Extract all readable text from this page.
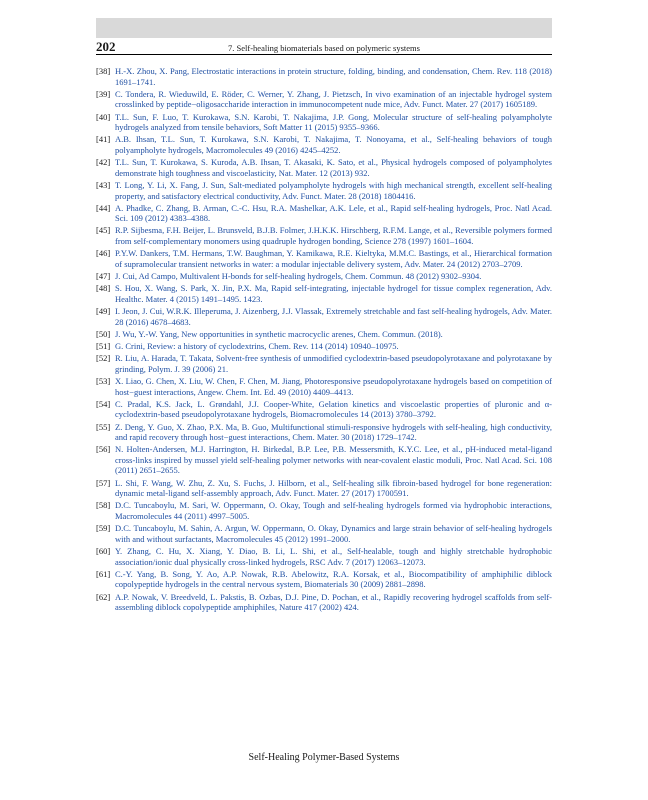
202	7. Self-healing biomaterials based on polymeric systems
[38] H.-X. Zhou, X. Pang, Electrostatic interactions in protein structure, folding, binding, and condensation, Chem. Rev. 118 (2018) 1691–1741.
[39] C. Tondera, R. Wieduwild, E. Röder, C. Werner, Y. Zhang, J. Pietzsch, In vivo examination of an injectable hydrogel system crosslinked by peptide−oligosaccharide interaction in immunocompetent nude mice, Adv. Funct. Mater. 27 (2017) 1605189.
[40] T.L. Sun, F. Luo, T. Kurokawa, S.N. Karobi, T. Nakajima, J.P. Gong, Molecular structure of self-healing polyampholyte hydrogels analyzed from tensile behaviors, Soft Matter 11 (2015) 9355–9366.
[41] A.B. Ihsan, T.L. Sun, T. Kurokawa, S.N. Karobi, T. Nakajima, T. Nonoyama, et al., Self-healing behaviors of tough polyampholyte hydrogels, Macromolecules 49 (2016) 4245–4252.
[42] T.L. Sun, T. Kurokawa, S. Kuroda, A.B. Ihsan, T. Akasaki, K. Sato, et al., Physical hydrogels composed of polyampholytes demonstrate high toughness and viscoelasticity, Nat. Mater. 12 (2013) 932.
[43] T. Long, Y. Li, X. Fang, J. Sun, Salt-mediated polyampholyte hydrogels with high mechanical strength, excellent self-healing property, and satisfactory electrical conductivity, Adv. Funct. Mater. 28 (2018) 1804416.
[44] A. Phadke, C. Zhang, B. Arman, C.-C. Hsu, R.A. Mashelkar, A.K. Lele, et al., Rapid self-healing hydrogels, Proc. Natl Acad. Sci. 109 (2012) 4383–4388.
[45] R.P. Sijbesma, F.H. Beijer, L. Brunsveld, B.J.B. Folmer, J.H.K.K. Hirschberg, R.F.M. Lange, et al., Reversible polymers formed from self-complementary monomers using quadruple hydrogen bonding, Science 278 (1997) 1601–1604.
[46] P.Y.W. Dankers, T.M. Hermans, T.W. Baughman, Y. Kamikawa, R.E. Kieltyka, M.M.C. Bastings, et al., Hierarchical formation of supramolecular transient networks in water: a modular injectable delivery system, Adv. Mater. 24 (2012) 2703–2709.
[47] J. Cui, Ad Campo, Multivalent H-bonds for self-healing hydrogels, Chem. Commun. 48 (2012) 9302–9304.
[48] S. Hou, X. Wang, S. Park, X. Jin, P.X. Ma, Rapid self-integrating, injectable hydrogel for tissue complex regeneration, Adv. Healthc. Mater. 4 (2015) 1491–1495. 1423.
[49] I. Jeon, J. Cui, W.R.K. Illeperuma, J. Aizenberg, J.J. Vlassak, Extremely stretchable and fast self-healing hydrogels, Adv. Mater. 28 (2016) 4678–4683.
[50] J. Wu, Y.-W. Yang, New opportunities in synthetic macrocyclic arenes, Chem. Commun. (2018).
[51] G. Crini, Review: a history of cyclodextrins, Chem. Rev. 114 (2014) 10940–10975.
[52] R. Liu, A. Harada, T. Takata, Solvent-free synthesis of unmodified cyclodextrin-based pseudopolyrotaxane and polyrotaxane by grinding, Polym. J. 39 (2006) 21.
[53] X. Liao, G. Chen, X. Liu, W. Chen, F. Chen, M. Jiang, Photoresponsive pseudopolyrotaxane hydrogels based on competition of host−guest interactions, Angew. Chem. Int. Ed. 49 (2010) 4409–4413.
[54] C. Pradal, K.S. Jack, L. Grøndahl, J.J. Cooper-White, Gelation kinetics and viscoelastic properties of pluronic and α-cyclodextrin-based pseudopolyrotaxane hydrogels, Biomacromolecules 14 (2013) 3780–3792.
[55] Z. Deng, Y. Guo, X. Zhao, P.X. Ma, B. Guo, Multifunctional stimuli-responsive hydrogels with self-healing, high conductivity, and rapid recovery through host−guest interactions, Chem. Mater. 30 (2018) 1729–1742.
[56] N. Holten-Andersen, M.J. Harrington, H. Birkedal, B.P. Lee, P.B. Messersmith, K.Y.C. Lee, et al., pH-induced metal-ligand cross-links inspired by mussel yield self-healing polymer networks with near-covalent elastic moduli, Proc. Natl Acad. Sci. 108 (2011) 2651–2655.
[57] L. Shi, F. Wang, W. Zhu, Z. Xu, S. Fuchs, J. Hilborn, et al., Self-healing silk fibroin-based hydrogel for bone regeneration: dynamic metal-ligand self-assembly approach, Adv. Funct. Mater. 27 (2017) 1700591.
[58] D.C. Tuncaboylu, M. Sari, W. Oppermann, O. Okay, Tough and self-healing hydrogels formed via hydrophobic interactions, Macromolecules 44 (2011) 4997–5005.
[59] D.C. Tuncaboylu, M. Sahin, A. Argun, W. Oppermann, O. Okay, Dynamics and large strain behavior of self-healing hydrogels with and without surfactants, Macromolecules 45 (2012) 1991–2000.
[60] Y. Zhang, C. Hu, X. Xiang, Y. Diao, B. Li, L. Shi, et al., Self-healable, tough and highly stretchable hydrophobic association/ionic dual physically cross-linked hydrogels, RSC Adv. 7 (2017) 12063–12073.
[61] C.-Y. Yang, B. Song, Y. Ao, A.P. Nowak, R.B. Abelowitz, R.A. Korsak, et al., Biocompatibility of amphiphilic diblock copolypeptide hydrogels in the central nervous system, Biomaterials 30 (2009) 2881–2898.
[62] A.P. Nowak, V. Breedveld, L. Pakstis, B. Ozbas, D.J. Pine, D. Pochan, et al., Rapidly recovering hydrogel scaffolds from self-assembling diblock copolypeptide amphiphiles, Nature 417 (2002) 424.
Self-Healing Polymer-Based Systems
